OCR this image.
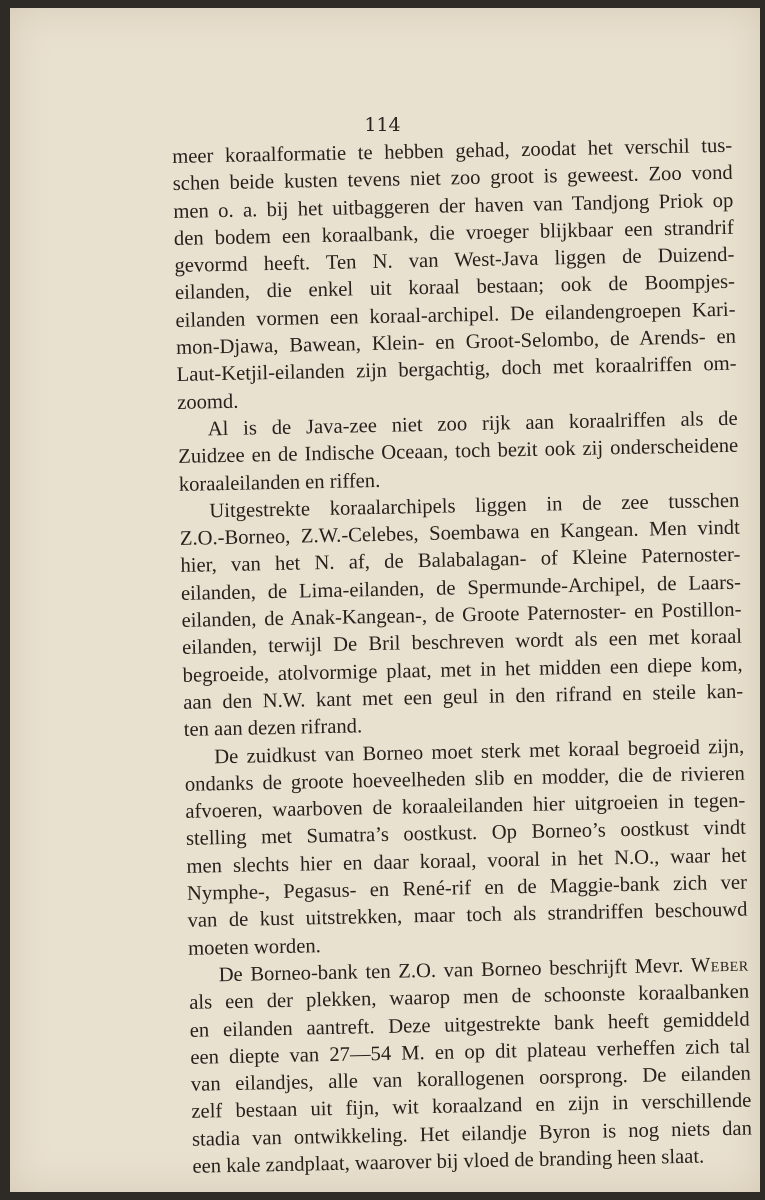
114
meer koraalformatie te hebben gehad, zoodat het verschil tus-
schen beide kusten tevens niet zoo groot is geweest. Zoo vond
men o. a. bij het uitbaggeren der haven van Tandjong Priok op
den bodem een koraalbank, die vroeger blijkbaar een strandrif
gevormd heeft. Ten N. van West-Java liggen de Duizend-
eilanden, die enkel uit koraal bestaan; ook de Boompjes-
eilanden vormen een koraal-archipel. De eilandengroepen Kari-
mon-Djawa, Bawean, Klein- en Groot-Selombo, de Arends- en
Laut-Ketjil-eilanden zijn bergachtig, doch met koraalriffen om-
zoomd.
Al is de Java-zee niet zoo rijk aan koraalriffen als de
Zuidzee en de Indische Oceaan, toch bezit ook zij onderscheidene
koraaleilanden en riffen.
Uitgestrekte koraalarchipels liggen in de zee tusschen
Z.O.-Borneo, Z.W.-Celebes, Soembawa en Kangean. Men vindt
hier, van het N. af, de Balabalagan- of Kleine Paternoster-
eilanden, de Lima-eilanden, de Spermunde-Archipel, de Laars-
eilanden, de Anak-Kangean-, de Groote Paternoster- en Postillon-
eilanden, terwijl De Bril beschreven wordt als een met koraal
begroeide, atolvormige plaat, met in het midden een diepe kom,
aan den N.W. kant met een geul in den rifrand en steile kan-
ten aan dezen rifrand.
De zuidkust van Borneo moet sterk met koraal begroeid zijn,
ondanks de groote hoeveelheden slib en modder, die de rivieren
afvoeren, waarboven de koraaleilanden hier uitgroeien in tegen-
stelling met Sumatra’s oostkust. Op Borneo’s oostkust vindt
men slechts hier en daar koraal, vooral in het N.O., waar het
Nymphe-, Pegasus- en René-rif en de Maggie-bank zich ver
van de kust uitstrekken, maar toch als strandriffen beschouwd
moeten worden.
De Borneo-bank ten Z.O. van Borneo beschrijft Mevr. Weber
als een der plekken, waarop men de schoonste koraalbanken
en eilanden aantreft. Deze uitgestrekte bank heeft gemiddeld
een diepte van 27—54 M. en op dit plateau verheffen zich tal
van eilandjes, alle van korallogenen oorsprong. De eilanden
zelf bestaan uit fijn, wit koraalzand en zijn in verschillende
stadia van ontwikkeling. Het eilandje Byron is nog niets dan
een kale zandplaat, waarover bij vloed de branding heen slaat.
